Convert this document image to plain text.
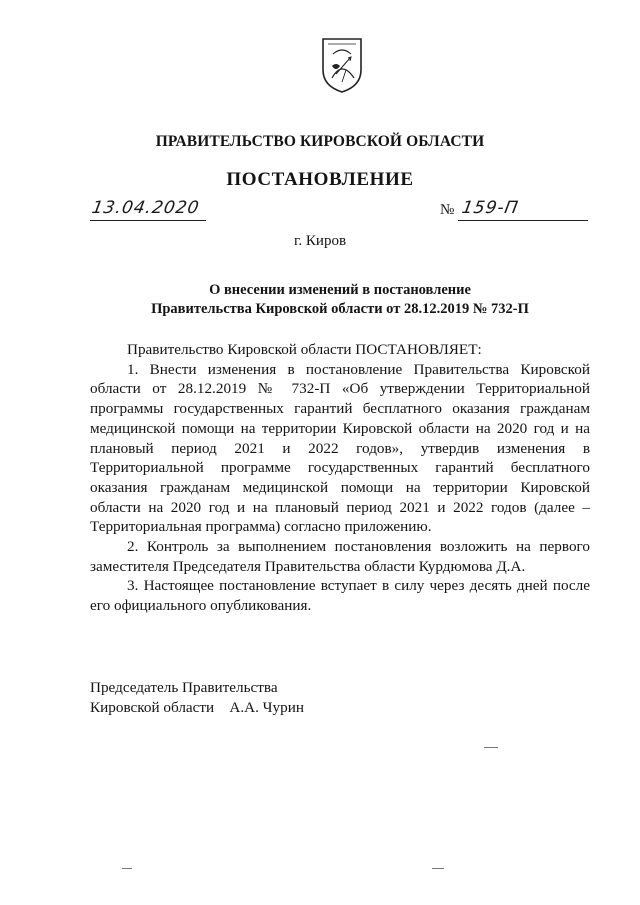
ПРАВИТЕЛЬСТВО КИРОВСКОЙ ОБЛАСТИ
ПОСТАНОВЛЕНИЕ
13.04.2020	№ 159-П
г. Киров
О внесении изменений в постановление
Правительства Кировской области от 28.12.2019 № 732-П

Правительство Кировской области ПОСТАНОВЛЯЕТ:

1. Внести изменения в постановление Правительства Кировской области от 28.12.2019 № 732-П «Об утверждении Территориальной программы государственных гарантий бесплатного оказания гражданам медицинской помощи на территории Кировской области на 2020 год и на плановый период 2021 и 2022 годов», утвердив изменения в Территориальной программе государственных гарантий бесплатного оказания гражданам медицинской помощи на территории Кировской области на 2020 год и на плановый период 2021 и 2022 годов (далее – Территориальная программа) согласно приложению.

2. Контроль за выполнением постановления возложить на первого заместителя Председателя Правительства области Курдюмова Д.А.

3. Настоящее постановление вступает в силу через десять дней после его официального опубликования.

Председатель Правительства
Кировской области    А.А. Чурин
